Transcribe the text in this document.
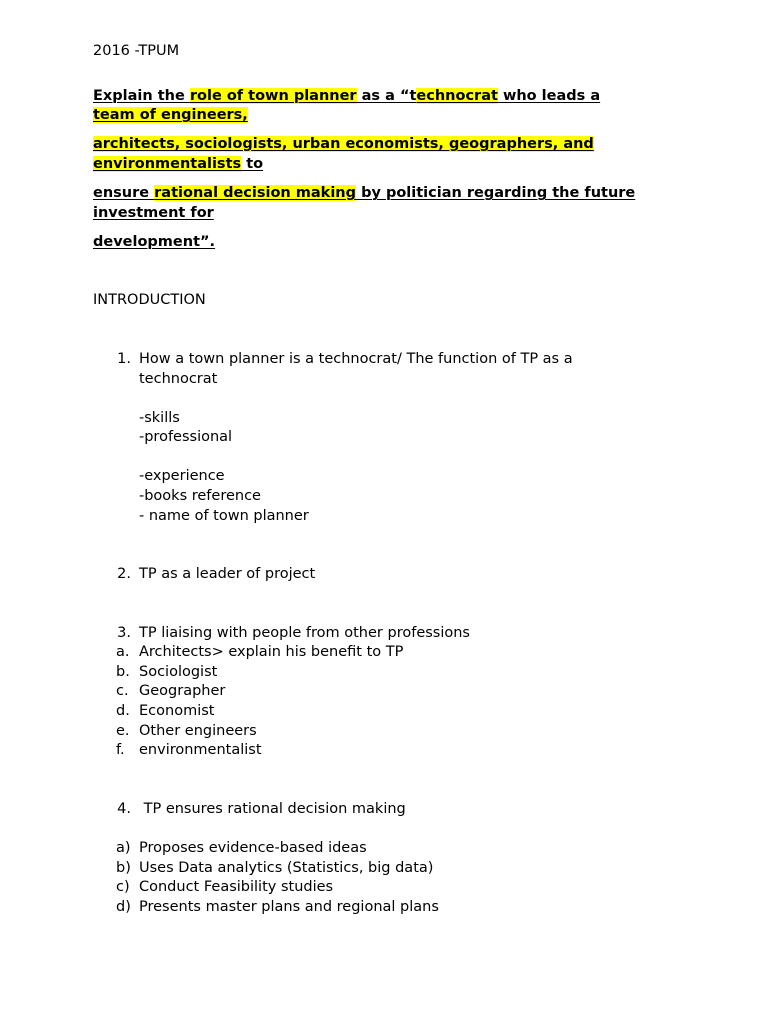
2016 -TPUM
Explain the role of town planner as a “technocrat who leads a
team of engineers,
architects, sociologists, urban economists, geographers, and
environmentalists to
ensure rational decision making by politician regarding the future
investment for
development”.
INTRODUCTION
1. How a town planner is a technocrat/ The function of TP as a
technocrat
-skills
-professional
-experience
-books reference
- name of town planner
2. TP as a leader of project
3. TP liaising with people from other professions
a. Architects> explain his benefit to TP
b. Sociologist
c. Geographer
d. Economist
e. Other engineers
f. environmentalist
4. TP ensures rational decision making
a) Proposes evidence-based ideas
b) Uses Data analytics (Statistics, big data)
c) Conduct Feasibility studies
d) Presents master plans and regional plans
